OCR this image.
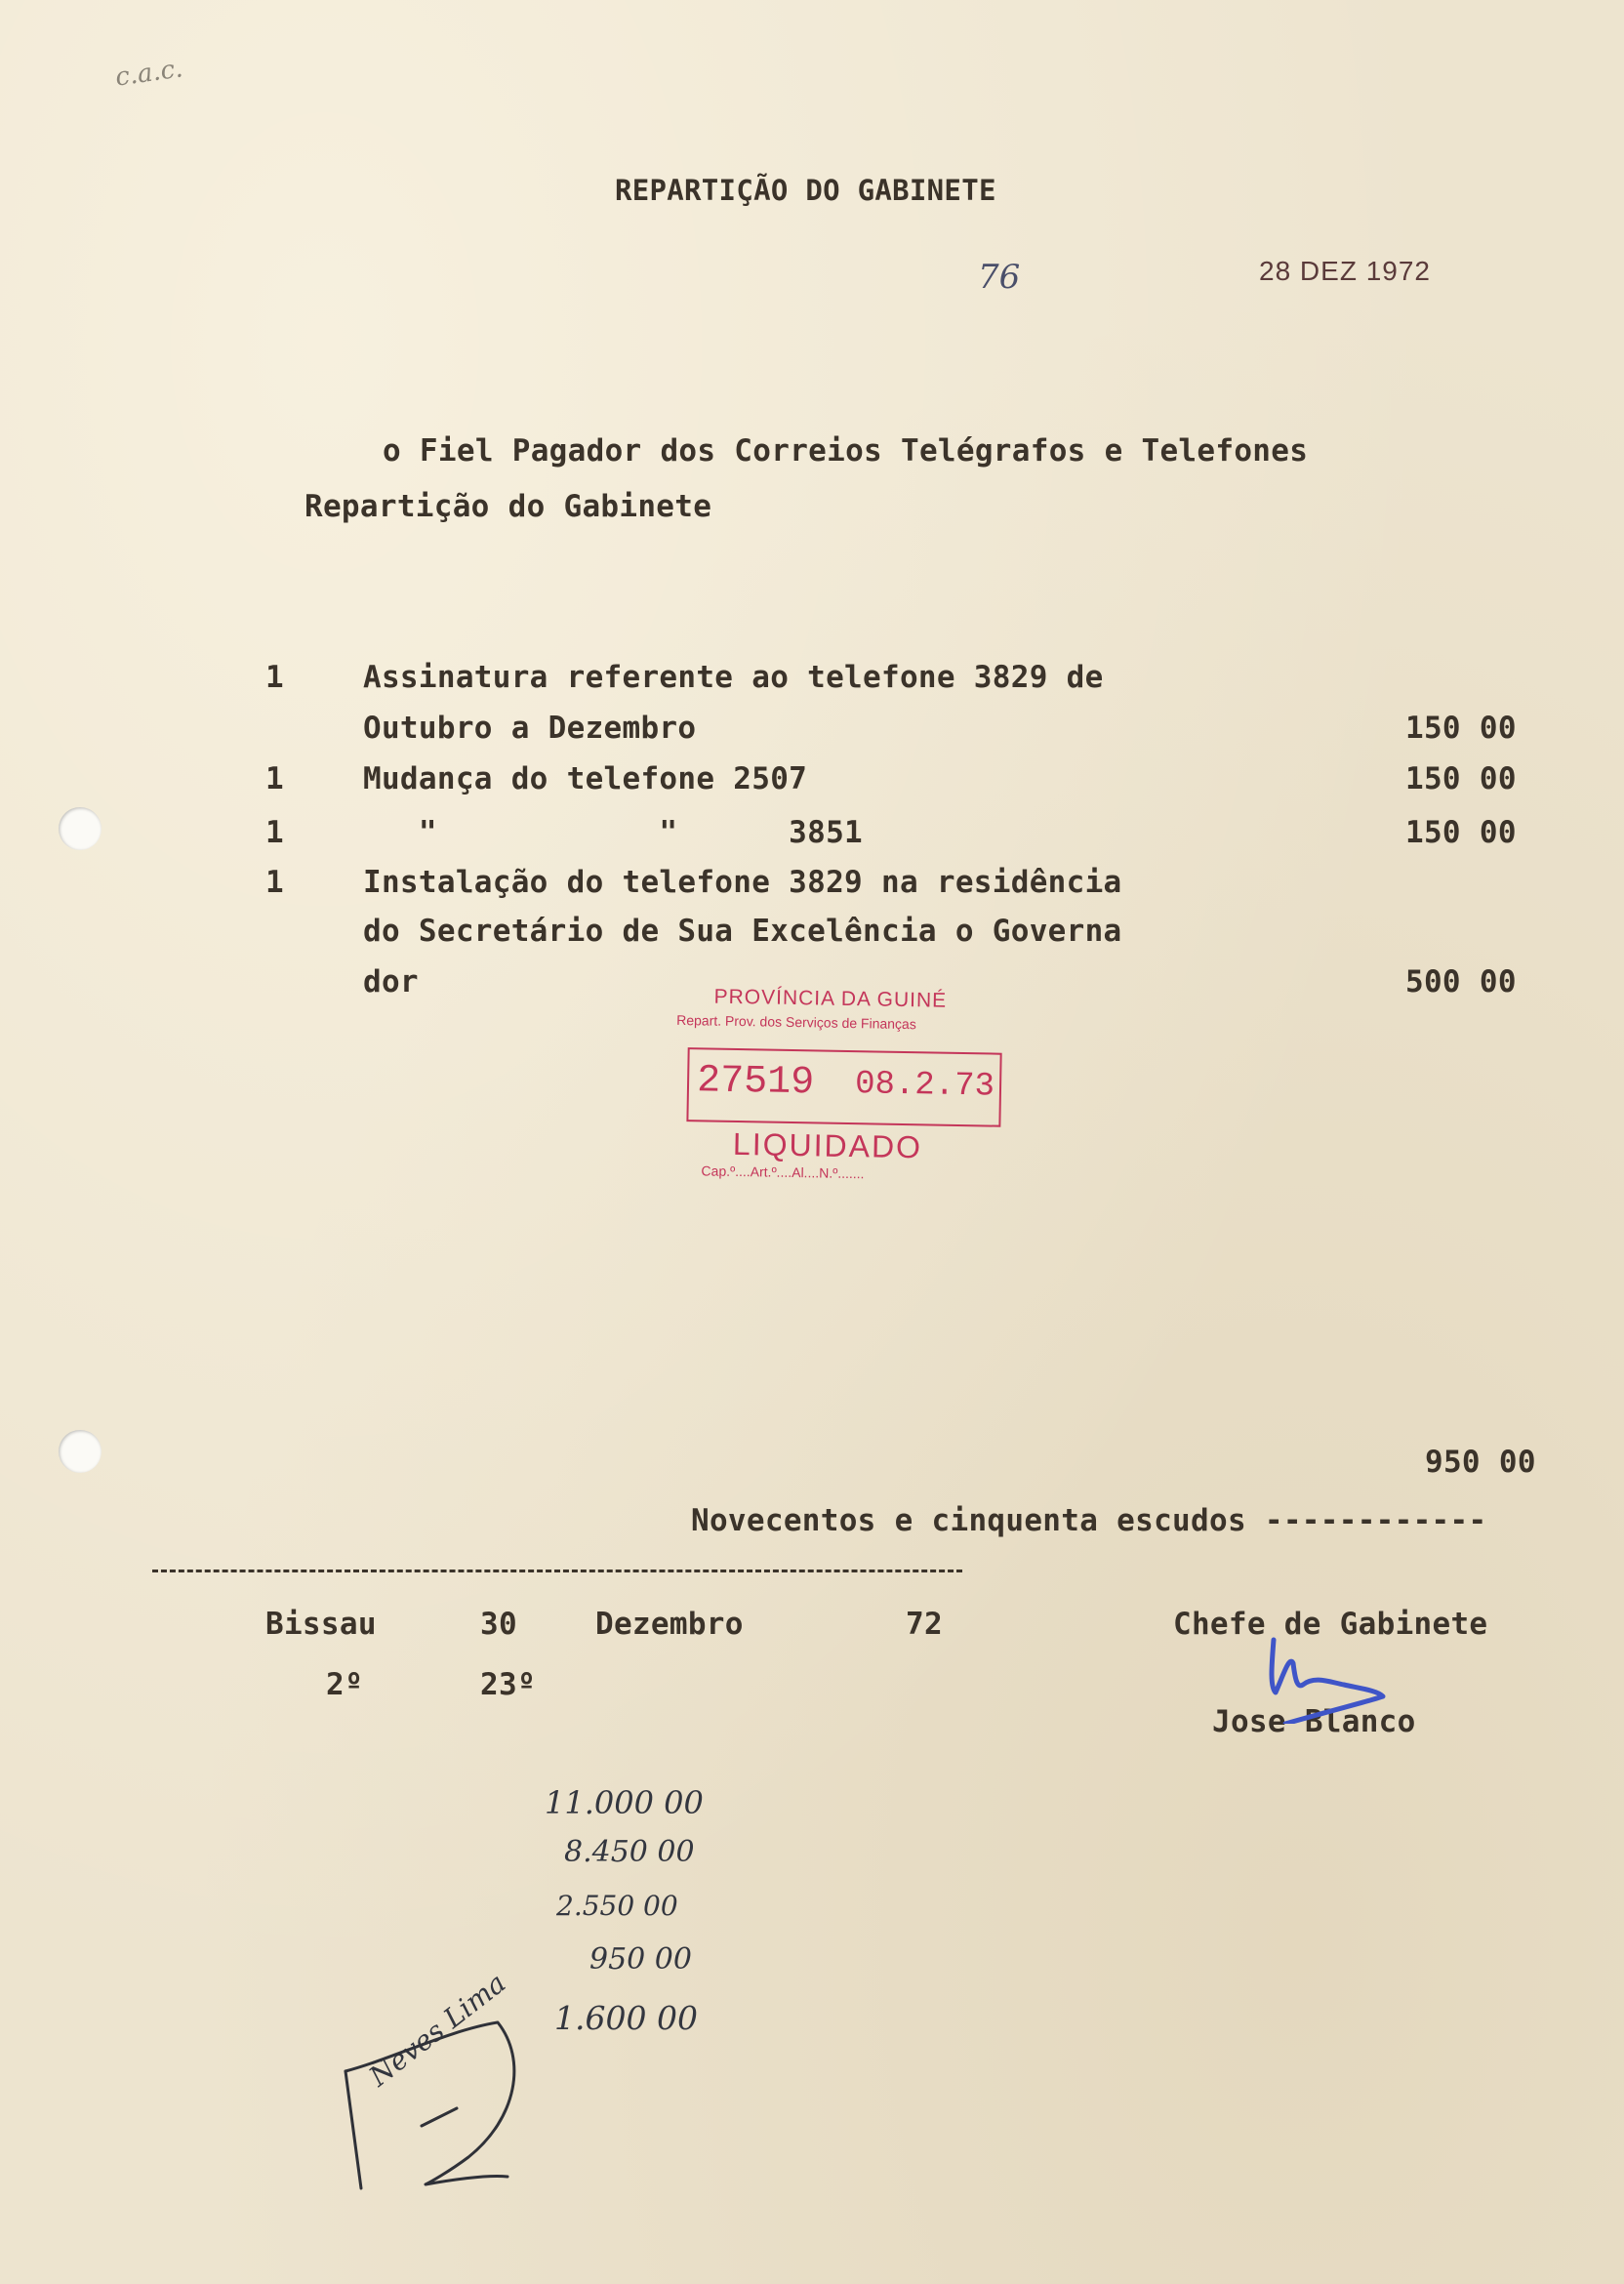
c.a.c.
REPARTIÇÃO DO GABINETE
76	28 DEZ 1972
o Fiel Pagador dos Correios Telégrafos e Telefones
Repartição do Gabinete
1	Assinatura referente ao telefone 3829 de
Outubro a Dezembro	150 00
1	Mudança do telefone 2507	150 00
1	"            "      3851	150 00
1	Instalação do telefone 3829 na residência
do Secretário de Sua Excelência o Governa
dor	500 00
PROVÍNCIA DA GUINÉ
Repart. Prov. dos Serviços de Finanças
27519 08.2.73
LIQUIDADO
Cap.º....Art.º....Al....N.º.......
950 00
Novecentos e cinquenta escudos ------------
Bissau	30	Dezembro	72
2º	23º
Chefe de Gabinete
Jose Blanco
11.000 00
8.450 00
2.550 00
950 00
1.600 00
Neves Lima
